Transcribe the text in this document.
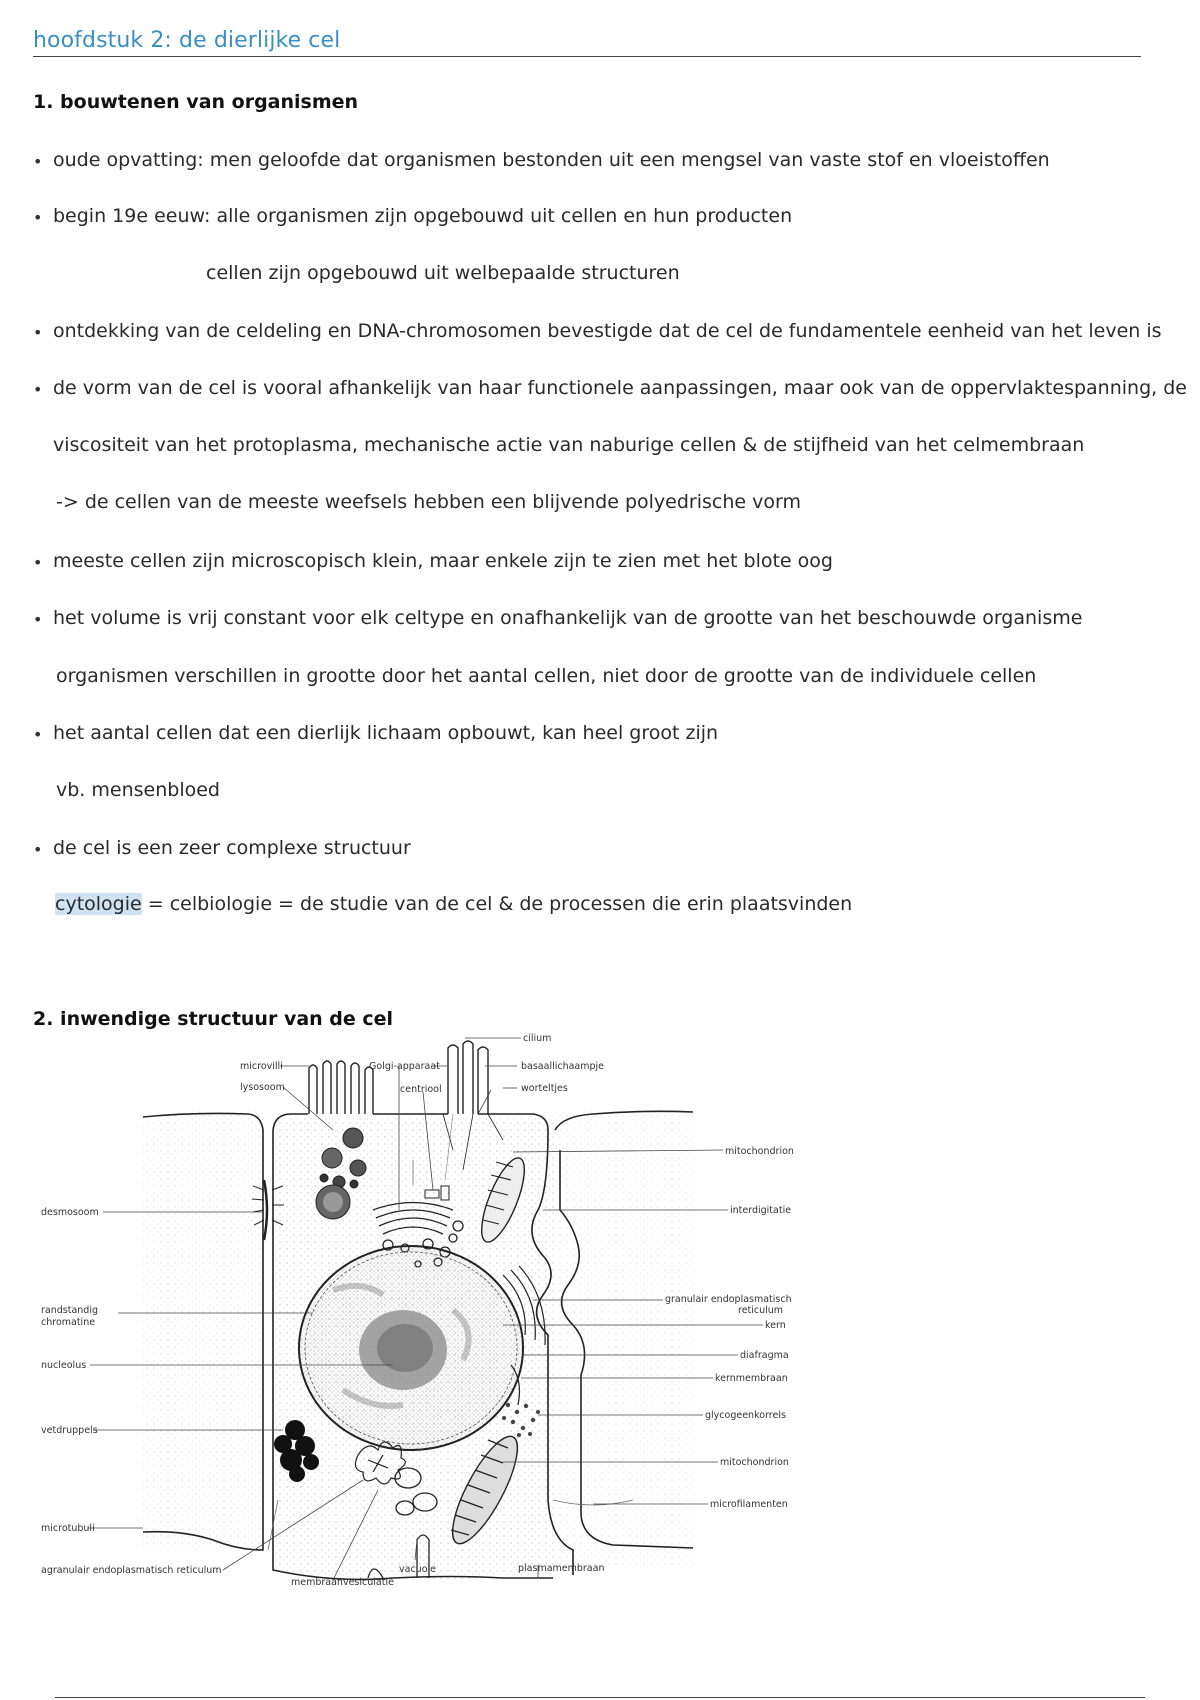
hoofdstuk 2: de dierlijke cel
1. bouwtenen van organismen
• oude opvatting: men geloofde dat organismen bestonden uit een mengsel van vaste stof en vloeistoffen
• begin 19e eeuw: alle organismen zijn opgebouwd uit cellen en hun producten
cellen zijn opgebouwd uit welbepaalde structuren
• ontdekking van de celdeling en DNA-chromosomen bevestigde dat de cel de fundamentele eenheid van het leven is
• de vorm van de cel is vooral afhankelijk van haar functionele aanpassingen, maar ook van de oppervlaktespanning, de
viscositeit van het protoplasma, mechanische actie van naburige cellen & de stijfheid van het celmembraan
-> de cellen van de meeste weefsels hebben een blijvende polyedrische vorm
• meeste cellen zijn microscopisch klein, maar enkele zijn te zien met het blote oog
• het volume is vrij constant voor elk celtype en onafhankelijk van de grootte van het beschouwde organisme
organismen verschillen in grootte door het aantal cellen, niet door de grootte van de individuele cellen
• het aantal cellen dat een dierlijk lichaam opbouwt, kan heel groot zijn
vb. mensenbloed
• de cel is een zeer complexe structuur
cytologie = celbiologie = de studie van de cel & de processen die erin plaatsvinden
2. inwendige structuur van de cel
cilium
microvilli	Golgi-apparaat	basaallichaampje
lysosoom	centriool	worteltjes
mitochondrion
desmosoom	interdigitatie
granulair endoplasmatisch
reticulum
randstandig
chromatine	kern
diafragma
nucleolus
kernmembraan
glycogeenkorrels
vetdruppels
mitochondrion
microfilamenten
microtubuli
agranulair endoplasmatisch reticulum	vacuole	plasmamembraan
membraanvesiculatie
